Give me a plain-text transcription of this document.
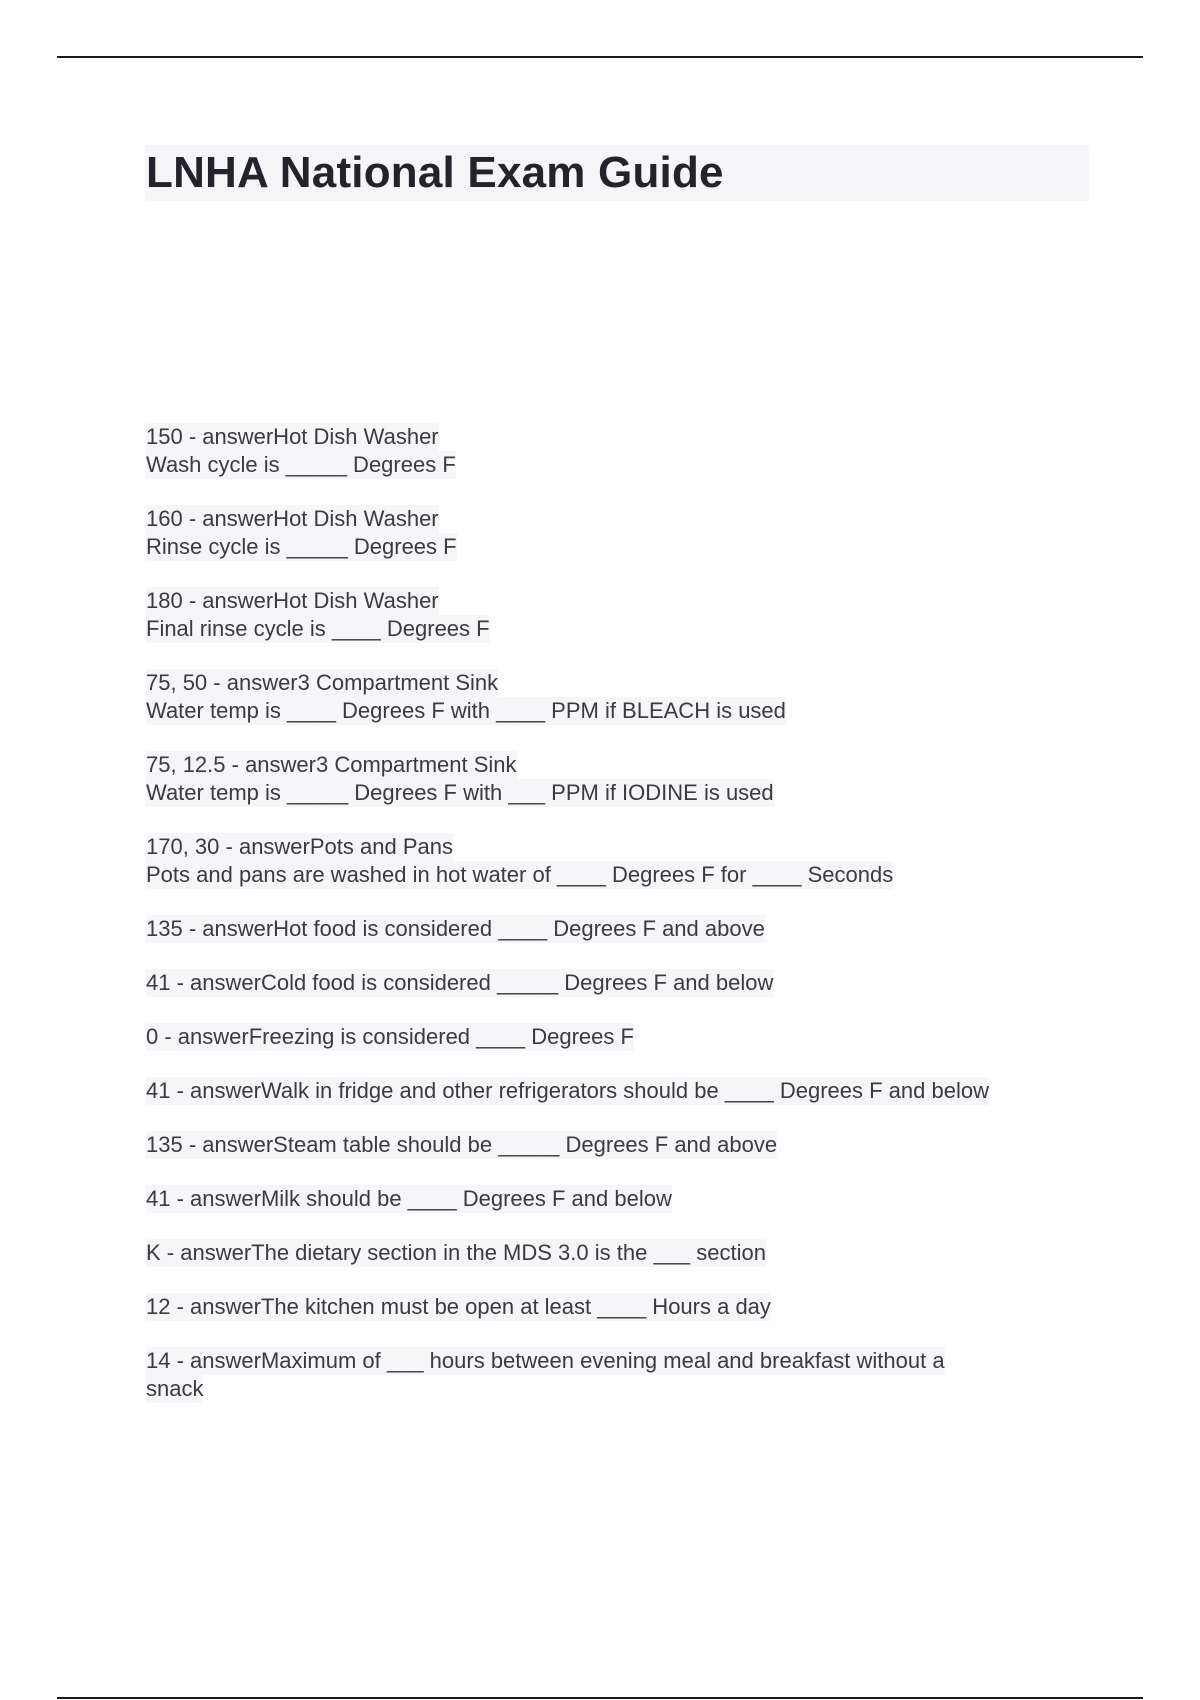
LNHA National Exam Guide
150 - answerHot Dish Washer
Wash cycle is _____ Degrees F
160 - answerHot Dish Washer
Rinse cycle is _____ Degrees F
180 - answerHot Dish Washer
Final rinse cycle is ____ Degrees F
75, 50 - answer3 Compartment Sink
Water temp is ____ Degrees F with ____ PPM if BLEACH is used
75, 12.5 - answer3 Compartment Sink
Water temp is _____ Degrees F with ___ PPM if IODINE is used
170, 30 - answerPots and Pans
Pots and pans are washed in hot water of ____ Degrees F for ____ Seconds
135 - answerHot food is considered ____ Degrees F and above
41 - answerCold food is considered _____ Degrees F and below
0 - answerFreezing is considered ____ Degrees F
41 - answerWalk in fridge and other refrigerators should be ____ Degrees F and below
135 - answerSteam table should be _____ Degrees F and above
41 - answerMilk should be ____ Degrees F and below
K - answerThe dietary section in the MDS 3.0 is the ___ section
12 - answerThe kitchen must be open at least ____ Hours a day
14 - answerMaximum of ___ hours between evening meal and breakfast without a
snack
